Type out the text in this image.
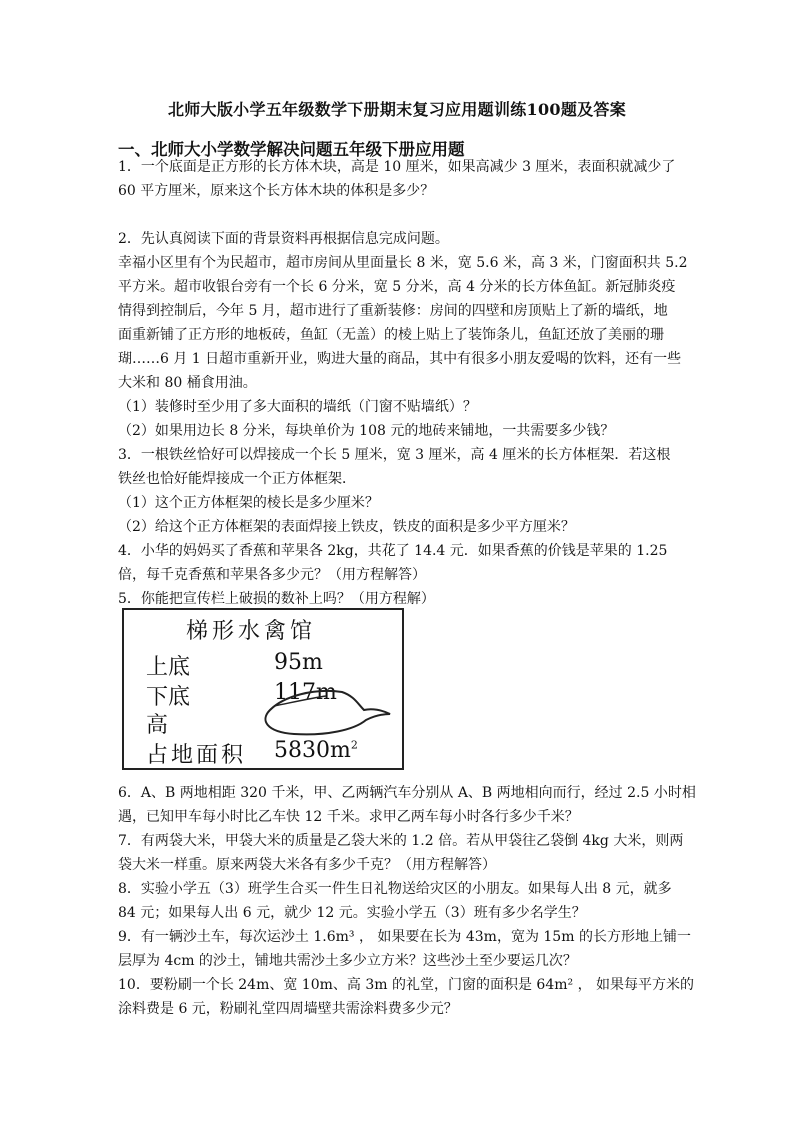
北师大版小学五年级数学下册期末复习应用题训练100题及答案
一、北师大小学数学解决问题五年级下册应用题
1．一个底面是正方形的长方体木块，高是 10 厘米，如果高减少 3 厘米，表面积就减少了
60 平方厘米，原来这个长方体木块的体积是多少？
2．先认真阅读下面的背景资料再根据信息完成问题。
幸福小区里有个为民超市，超市房间从里面量长 8 米，宽 5.6 米，高 3 米，门窗面积共 5.2
平方米。超市收银台旁有一个长 6 分米，宽 5 分米，高 4 分米的长方体鱼缸。新冠肺炎疫
情得到控制后，今年 5 月，超市进行了重新装修：房间的四壁和房顶贴上了新的墙纸，地
面重新铺了正方形的地板砖，鱼缸（无盖）的棱上贴上了装饰条儿，鱼缸还放了美丽的珊
瑚……6 月 1 日超市重新开业，购进大量的商品，其中有很多小朋友爱喝的饮料，还有一些
大米和 80 桶食用油。
（1）装修时至少用了多大面积的墙纸（门窗不贴墙纸）？
（2）如果用边长 8 分米，每块单价为 108 元的地砖来铺地，一共需要多少钱？
3．一根铁丝恰好可以焊接成一个长 5 厘米，宽 3 厘米，高 4 厘米的长方体框架．若这根
铁丝也恰好能焊接成一个正方体框架．
（1）这个正方体框架的棱长是多少厘米？
（2）给这个正方体框架的表面焊接上铁皮，铁皮的面积是多少平方厘米？
4．小华的妈妈买了香蕉和苹果各 2kg，共花了 14.4 元．如果香蕉的价钱是苹果的 1.25
倍，每千克香蕉和苹果各多少元？（用方程解答）
5．你能把宣传栏上破损的数补上吗？（用方程解）
梯形水禽馆
上底	95m
下底	117m
高
占地面积 $5830m^2$
6．A、B 两地相距 320 千米，甲、乙两辆汽车分别从 A、B 两地相向而行，经过 2.5 小时相
遇，已知甲车每小时比乙车快 12 千米。求甲乙两车每小时各行多少千米？
7．有两袋大米，甲袋大米的质量是乙袋大米的 1.2 倍。若从甲袋往乙袋倒 4kg 大米，则两
袋大米一样重。原来两袋大米各有多少千克？（用方程解答）
8．实验小学五（3）班学生合买一件生日礼物送给灾区的小朋友。如果每人出 8 元，就多
84 元；如果每人出 6 元，就少 12 元。实验小学五（3）班有多少名学生？
9．有一辆沙土车，每次运沙土 1.6m³ ， 如果要在长为 43m，宽为 15m 的长方形地上铺一
层厚为 4cm 的沙土，铺地共需沙土多少立方米？这些沙土至少要运几次？
10．要粉刷一个长 24m、宽 10m、高 3m 的礼堂，门窗的面积是 64m² ， 如果每平方米的
涂料费是 6 元，粉刷礼堂四周墙壁共需涂料费多少元？
